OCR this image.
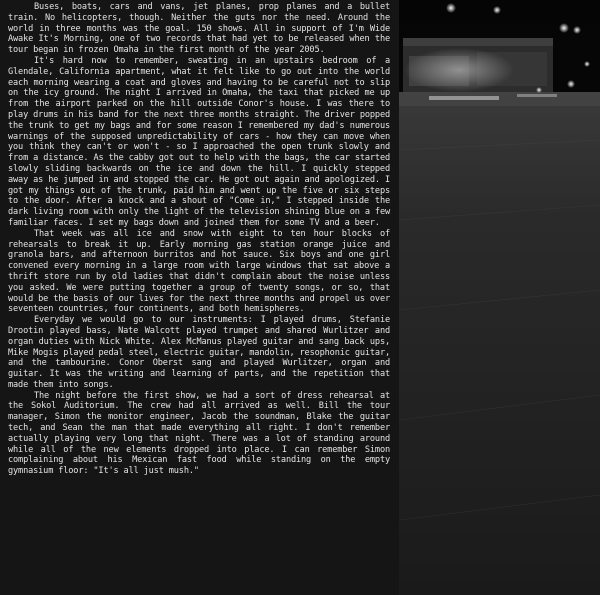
Buses, boats, cars and vans, jet planes, prop planes and a bullet train. No helicopters, though. Neither the guts nor the need. Around the world in three months was the goal. 150 shows. All in support of I'm Wide Awake It's Morning, one of two records that had yet to be released when the tour began in frozen Omaha in the first month of the year 2005.

It's hard now to remember, sweating in an upstairs bedroom of a Glendale, California apartment, what it felt like to go out into the world each morning wearing a coat and gloves and having to be careful not to slip on the icy ground. The night I arrived in Omaha, the taxi that picked me up from the airport parked on the hill outside Conor's house. I was there to play drums in his band for the next three months straight. The driver popped the trunk to get my bags and for some reason I remembered my dad's numerous warnings of the supposed unpredictability of cars - how they can move when you think they can't or won't - so I approached the open trunk slowly and from a distance. As the cabby got out to help with the bags, the car started slowly sliding backwards on the ice and down the hill. I quickly stepped away as he jumped in and stopped the car. He got out again and apologized. I got my things out of the trunk, paid him and went up the five or six steps to the door. After a knock and a shout of "Come in," I stepped inside the dark living room with only the light of the television shining blue on a few familiar faces. I set my bags down and joined them for some TV and a beer.

That week was all ice and snow with eight to ten hour blocks of rehearsals to break it up. Early morning gas station orange juice and granola bars, and afternoon burritos and hot sauce. Six boys and one girl convened every morning in a large room with large windows that sat above a thrift store run by old ladies that didn't complain about the noise unless you asked. We were putting together a group of twenty songs, or so, that would be the basis of our lives for the next three months and propel us over seventeen countries, four continents, and both hemispheres.

Everyday we would go to our instruments: I played drums, Stefanie Drootin played bass, Nate Walcott played trumpet and shared Wurlitzer and organ duties with Nick White. Alex McManus played guitar and sang back ups, Mike Mogis played pedal steel, electric guitar, mandolin, resophonic guitar, and the tambourine. Conor Oberst sang and played Wurlitzer, organ and guitar. It was the writing and learning of parts, and the repetition that made them into songs.

The night before the first show, we had a sort of dress rehearsal at the Sokol Auditorium. The crew had all arrived as well. Bill the tour manager, Simon the monitor engineer, Jacob the soundman, Blake the guitar tech, and Sean the man that made everything all right. I don't remember actually playing very long that night. There was a lot of standing around while all of the new elements dropped into place. I can remember Simon complaining about his Mexican fast food while standing on the empty gymnasium floor: "It's all just mush."
